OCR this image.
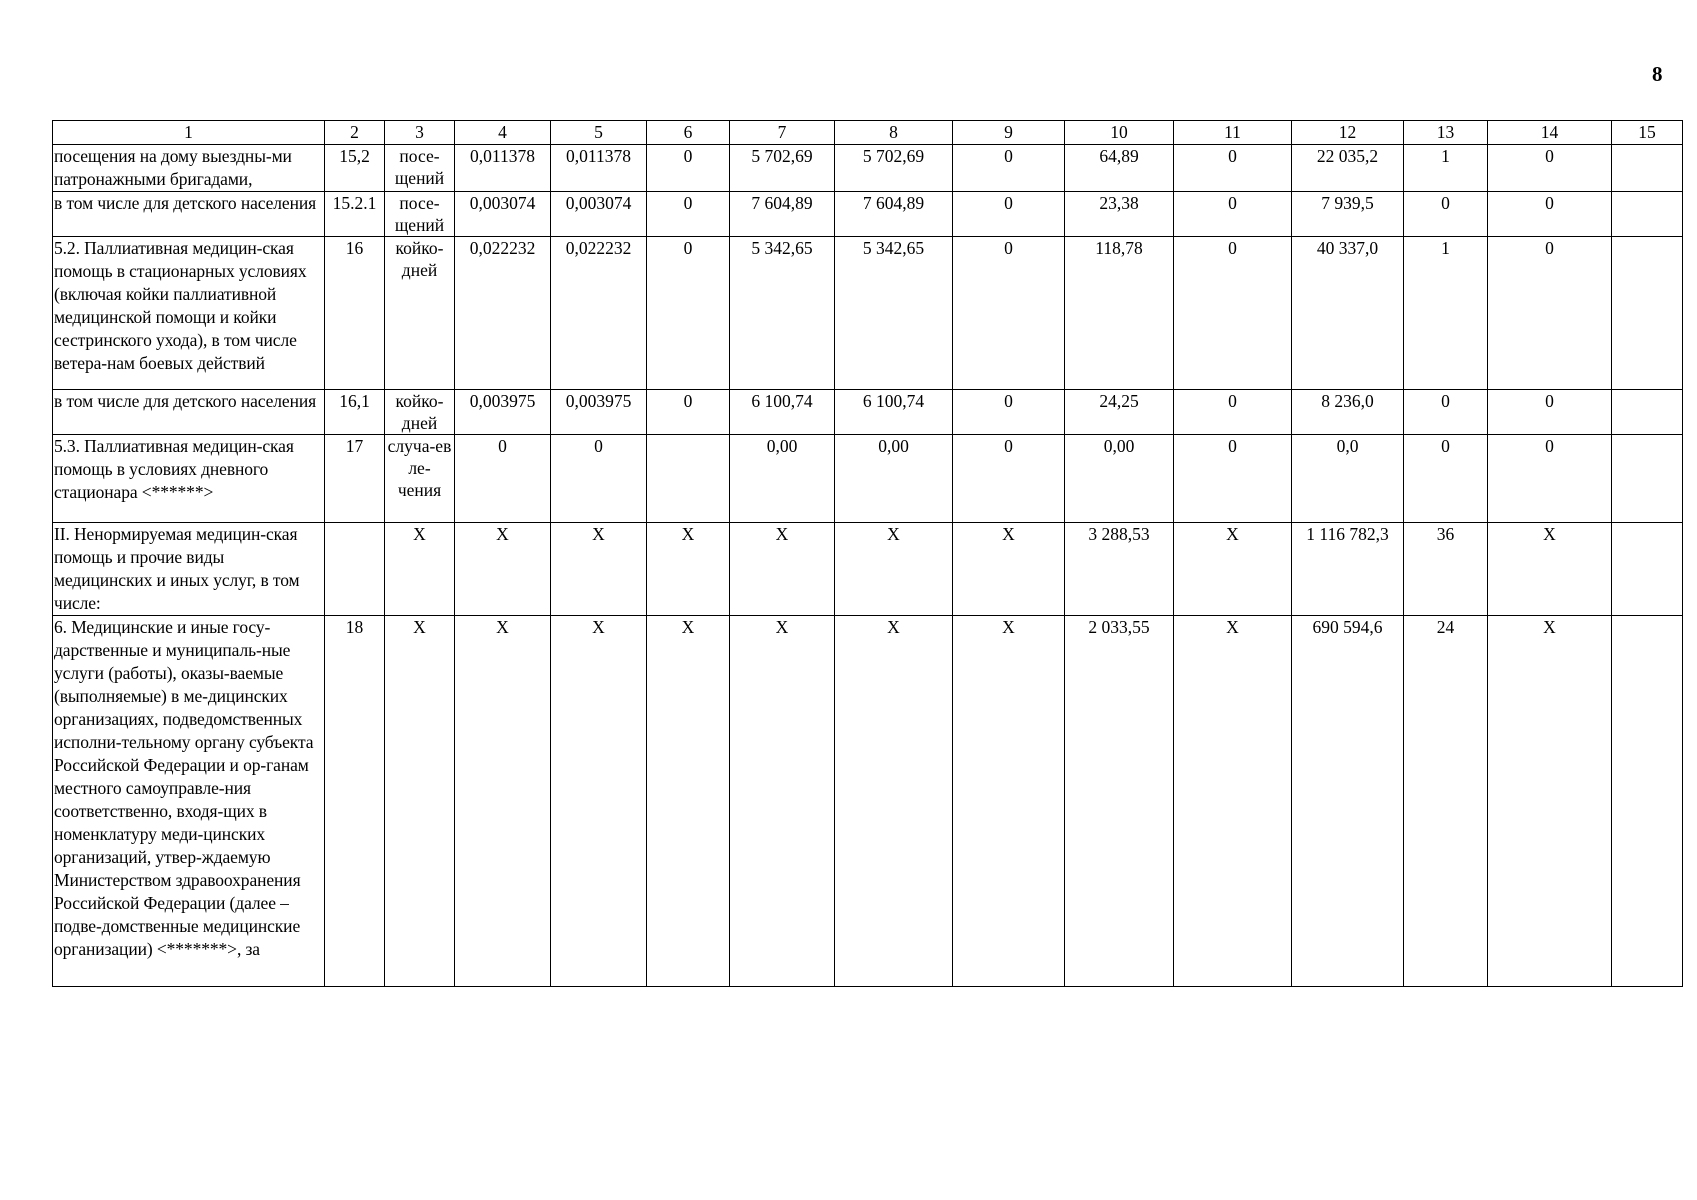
8
1	2	3	4	5	6	7	8	9	10	11	12	13	14	15
посещения на дому выездны-ми патронажными бригадами,	15,2	посе-щений	0,011378	0,011378	0	5 702,69	5 702,69	0	64,89	0	22 035,2	1	0	
в том числе для детского населения	15.2.1	посе-щений	0,003074	0,003074	0	7 604,89	7 604,89	0	23,38	0	7 939,5	0	0	
5.2. Паллиативная медицин-ская помощь в стационарных условиях (включая койки паллиативной медицинской помощи и койки сестринского ухода), в том числе ветера-нам боевых действий	16	койко-дней	0,022232	0,022232	0	5 342,65	5 342,65	0	118,78	0	40 337,0	1	0	
в том числе для детского населения	16,1	койко-дней	0,003975	0,003975	0	6 100,74	6 100,74	0	24,25	0	8 236,0	0	0	
5.3. Паллиативная медицин-ская помощь в условиях дневного стационара <******>	17	случа-ев ле-чения	0	0		0,00	0,00	0	0,00	0	0,0	0	0	
II. Ненормируемая медицин-ская помощь и прочие виды медицинских и иных услуг, в том числе:		X	X	X	X	X	X	X	3 288,53	X	1 116 782,3	36	X	
6. Медицинские и иные госу-дарственные и муниципаль-ные услуги (работы), оказы-ваемые (выполняемые) в ме-дицинских организациях, подведомственных исполни-тельному органу субъекта Российской Федерации и ор-ганам местного самоуправле-ния соответственно, входя-щих в номенклатуру меди-цинских организаций, утвер-ждаемую Министерством здравоохранения Российской Федерации (далее – подве-домственные медицинские организации) <*******>, за	18	X	X	X	X	X	X	X	2 033,55	X	690 594,6	24	X	
